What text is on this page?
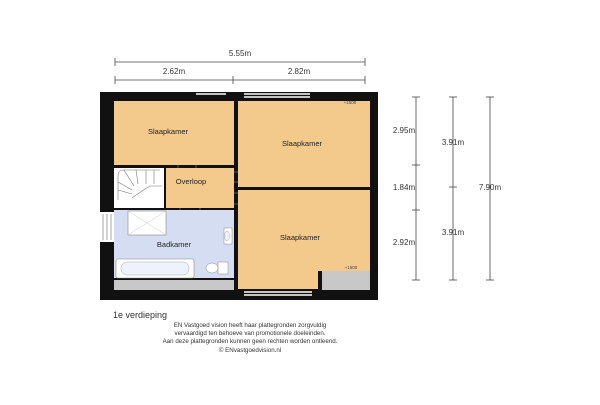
5.55m
2.62m	2.82m
2.95m
1.84m
2.92m
3.91m
3.91m
7.90m
Slaapkamer
Slaapkamer
Slaapkamer
Overloop
Badkamer
+1500
+1500
1e verdieping
EN Vastgoed vision heeft haar plattegronden zorgvuldig
vervaardigd ten behoeve van promotionele doeleinden.
Aan deze plattegronden kunnen geen rechten worden ontleend.
© ENvastgoedvision.nl
